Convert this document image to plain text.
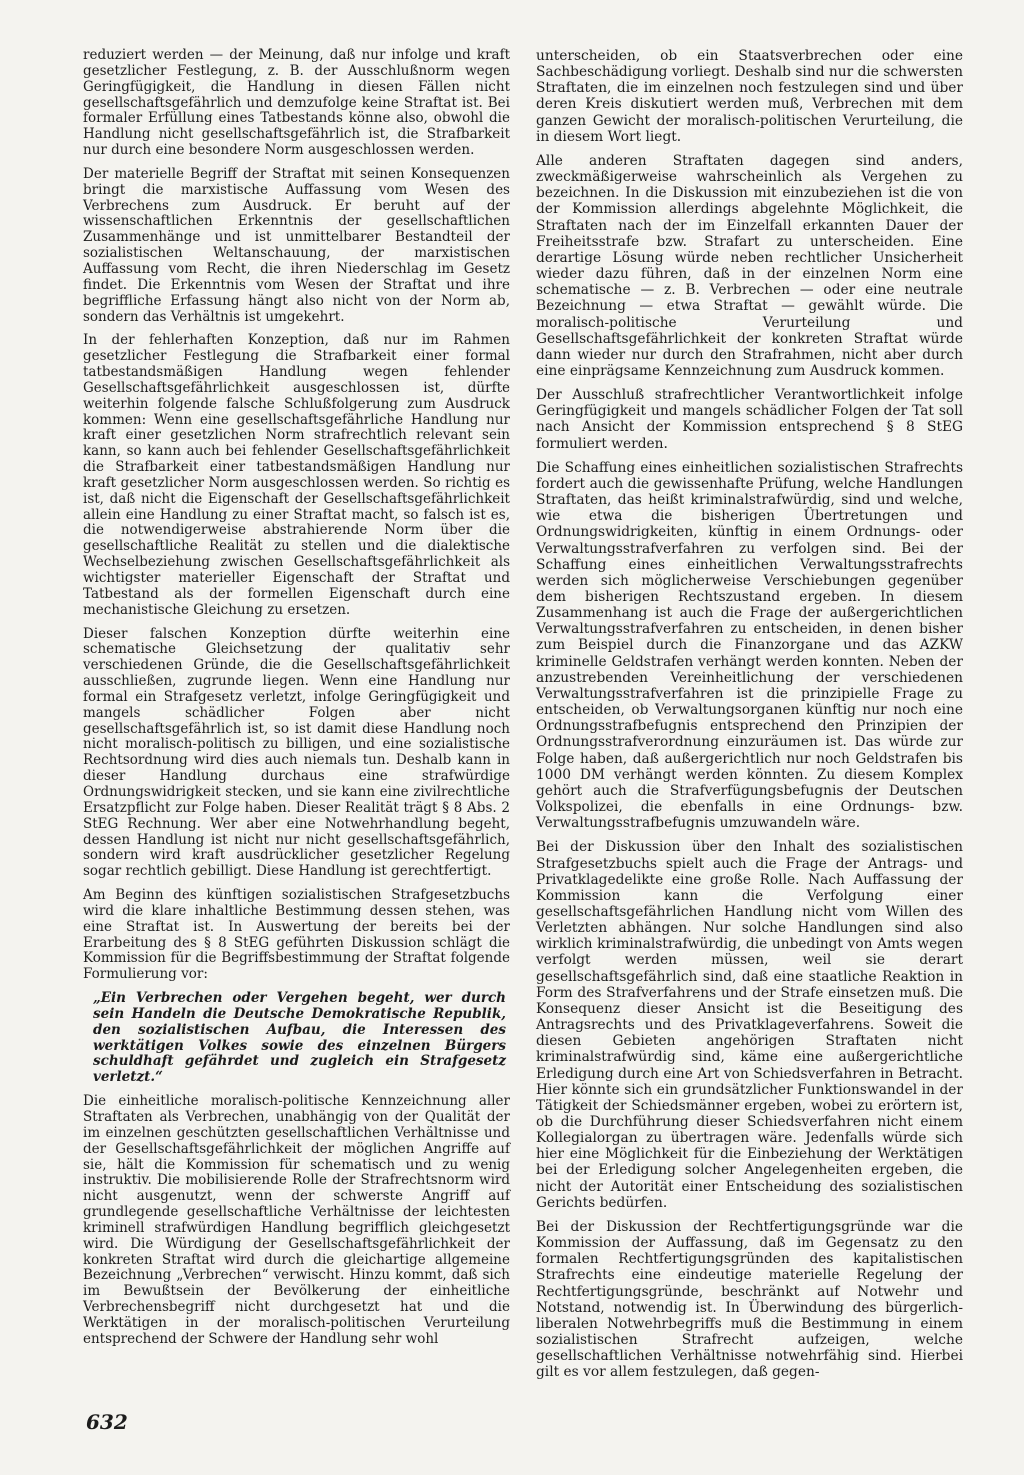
reduziert werden — der Meinung, daß nur infolge und kraft gesetzlicher Festlegung, z. B. der Ausschlußnorm wegen Geringfügigkeit, die Handlung in diesen Fällen nicht gesellschaftsgefährlich und demzufolge keine Straftat ist. Bei formaler Erfüllung eines Tatbestands könne also, obwohl die Handlung nicht gesellschaftsgefährlich ist, die Strafbarkeit nur durch eine besondere Norm ausgeschlossen werden.

Der materielle Begriff der Straftat mit seinen Konsequenzen bringt die marxistische Auffassung vom Wesen des Verbrechens zum Ausdruck. Er beruht auf der wissenschaftlichen Erkenntnis der gesellschaftlichen Zusammenhänge und ist unmittelbarer Bestandteil der sozialistischen Weltanschauung, der marxistischen Auffassung vom Recht, die ihren Niederschlag im Gesetz findet. Die Erkenntnis vom Wesen der Straftat und ihre begriffliche Erfassung hängt also nicht von der Norm ab, sondern das Verhältnis ist umgekehrt.

In der fehlerhaften Konzeption, daß nur im Rahmen gesetzlicher Festlegung die Strafbarkeit einer formal tatbestandsmäßigen Handlung wegen fehlender Gesellschaftsgefährlichkeit ausgeschlossen ist, dürfte weiterhin folgende falsche Schlußfolgerung zum Ausdruck kommen: Wenn eine gesellschaftsgefährliche Handlung nur kraft einer gesetzlichen Norm strafrechtlich relevant sein kann, so kann auch bei fehlender Gesellschaftsgefährlichkeit die Strafbarkeit einer tatbestandsmäßigen Handlung nur kraft gesetzlicher Norm ausgeschlossen werden. So richtig es ist, daß nicht die Eigenschaft der Gesellschaftsgefährlichkeit allein eine Handlung zu einer Straftat macht, so falsch ist es, die notwendigerweise abstrahierende Norm über die gesellschaftliche Realität zu stellen und die dialektische Wechselbeziehung zwischen Gesellschaftsgefährlichkeit als wichtigster materieller Eigenschaft der Straftat und Tatbestand als der formellen Eigenschaft durch eine mechanistische Gleichung zu ersetzen.

Dieser falschen Konzeption dürfte weiterhin eine schematische Gleichsetzung der qualitativ sehr verschiedenen Gründe, die die Gesellschaftsgefährlichkeit ausschließen, zugrunde liegen. Wenn eine Handlung nur formal ein Strafgesetz verletzt, infolge Geringfügigkeit und mangels schädlicher Folgen aber nicht gesellschaftsgefährlich ist, so ist damit diese Handlung noch nicht moralisch-politisch zu billigen, und eine sozialistische Rechtsordnung wird dies auch niemals tun. Deshalb kann in dieser Handlung durchaus eine strafwürdige Ordnungswidrigkeit stecken, und sie kann eine zivilrechtliche Ersatzpflicht zur Folge haben. Dieser Realität trägt § 8 Abs. 2 StEG Rechnung. Wer aber eine Notwehrhandlung begeht, dessen Handlung ist nicht nur nicht gesellschaftsgefährlich, sondern wird kraft ausdrücklicher gesetzlicher Regelung sogar rechtlich gebilligt. Diese Handlung ist gerechtfertigt.

Am Beginn des künftigen sozialistischen Strafgesetzbuchs wird die klare inhaltliche Bestimmung dessen stehen, was eine Straftat ist. In Auswertung der bereits bei der Erarbeitung des § 8 StEG geführten Diskussion schlägt die Kommission für die Begriffsbestimmung der Straftat folgende Formulierung vor:

„Ein Verbrechen oder Vergehen begeht, wer durch sein Handeln die Deutsche Demokratische Republik, den sozialistischen Aufbau, die Interessen des werktätigen Volkes sowie des einzelnen Bürgers schuldhaft gefährdet und zugleich ein Strafgesetz verletzt.“

Die einheitliche moralisch-politische Kennzeichnung aller Straftaten als Verbrechen, unabhängig von der Qualität der im einzelnen geschützten gesellschaftlichen Verhältnisse und der Gesellschaftsgefährlichkeit der möglichen Angriffe auf sie, hält die Kommission für schematisch und zu wenig instruktiv. Die mobilisierende Rolle der Strafrechtsnorm wird nicht ausgenutzt, wenn der schwerste Angriff auf grundlegende gesellschaftliche Verhältnisse der leichtesten kriminell strafwürdigen Handlung begrifflich gleichgesetzt wird. Die Würdigung der Gesellschaftsgefährlichkeit der konkreten Straftat wird durch die gleichartige allgemeine Bezeichnung „Verbrechen“ verwischt. Hinzu kommt, daß sich im Bewußtsein der Bevölkerung der einheitliche Verbrechensbegriff nicht durchgesetzt hat und die Werktätigen in der moralisch-politischen Verurteilung entsprechend der Schwere der Handlung sehr wohl

unterscheiden, ob ein Staatsverbrechen oder eine Sachbeschädigung vorliegt. Deshalb sind nur die schwersten Straftaten, die im einzelnen noch festzulegen sind und über deren Kreis diskutiert werden muß, Verbrechen mit dem ganzen Gewicht der moralisch-politischen Verurteilung, die in diesem Wort liegt.

Alle anderen Straftaten dagegen sind anders, zweckmäßigerweise wahrscheinlich als Vergehen zu bezeichnen. In die Diskussion mit einzubeziehen ist die von der Kommission allerdings abgelehnte Möglichkeit, die Straftaten nach der im Einzelfall erkannten Dauer der Freiheitsstrafe bzw. Strafart zu unterscheiden. Eine derartige Lösung würde neben rechtlicher Unsicherheit wieder dazu führen, daß in der einzelnen Norm eine schematische — z. B. Verbrechen — oder eine neutrale Bezeichnung — etwa Straftat — gewählt würde. Die moralisch-politische Verurteilung und Gesellschaftsgefährlichkeit der konkreten Straftat würde dann wieder nur durch den Strafrahmen, nicht aber durch eine einprägsame Kennzeichnung zum Ausdruck kommen.

Der Ausschluß strafrechtlicher Verantwortlichkeit infolge Geringfügigkeit und mangels schädlicher Folgen der Tat soll nach Ansicht der Kommission entsprechend § 8 StEG formuliert werden.

Die Schaffung eines einheitlichen sozialistischen Strafrechts fordert auch die gewissenhafte Prüfung, welche Handlungen Straftaten, das heißt kriminalstrafwürdig, sind und welche, wie etwa die bisherigen Übertretungen und Ordnungswidrigkeiten, künftig in einem Ordnungs- oder Verwaltungsstrafverfahren zu verfolgen sind. Bei der Schaffung eines einheitlichen Verwaltungsstrafrechts werden sich möglicherweise Verschiebungen gegenüber dem bisherigen Rechtszustand ergeben. In diesem Zusammenhang ist auch die Frage der außergerichtlichen Verwaltungsstrafverfahren zu entscheiden, in denen bisher zum Beispiel durch die Finanzorgane und das AZKW kriminelle Geldstrafen verhängt werden konnten. Neben der anzustrebenden Vereinheitlichung der verschiedenen Verwaltungsstrafverfahren ist die prinzipielle Frage zu entscheiden, ob Verwaltungsorganen künftig nur noch eine Ordnungsstrafbefugnis entsprechend den Prinzipien der Ordnungsstrafverordnung einzuräumen ist. Das würde zur Folge haben, daß außergerichtlich nur noch Geldstrafen bis 1000 DM verhängt werden könnten. Zu diesem Komplex gehört auch die Strafverfügungsbefugnis der Deutschen Volkspolizei, die ebenfalls in eine Ordnungs- bzw. Verwaltungsstrafbefugnis umzuwandeln wäre.

Bei der Diskussion über den Inhalt des sozialistischen Strafgesetzbuchs spielt auch die Frage der Antrags- und Privatklagedelikte eine große Rolle. Nach Auffassung der Kommission kann die Verfolgung einer gesellschaftsgefährlichen Handlung nicht vom Willen des Verletzten abhängen. Nur solche Handlungen sind also wirklich kriminalstrafwürdig, die unbedingt von Amts wegen verfolgt werden müssen, weil sie derart gesellschaftsgefährlich sind, daß eine staatliche Reaktion in Form des Strafverfahrens und der Strafe einsetzen muß. Die Konsequenz dieser Ansicht ist die Beseitigung des Antragsrechts und des Privatklageverfahrens. Soweit die diesen Gebieten angehörigen Straftaten nicht kriminalstrafwürdig sind, käme eine außergerichtliche Erledigung durch eine Art von Schiedsverfahren in Betracht. Hier könnte sich ein grundsätzlicher Funktionswandel in der Tätigkeit der Schiedsmänner ergeben, wobei zu erörtern ist, ob die Durchführung dieser Schiedsverfahren nicht einem Kollegialorgan zu übertragen wäre. Jedenfalls würde sich hier eine Möglichkeit für die Einbeziehung der Werktätigen bei der Erledigung solcher Angelegenheiten ergeben, die nicht der Autorität einer Entscheidung des sozialistischen Gerichts bedürfen.

Bei der Diskussion der Rechtfertigungsgründe war die Kommission der Auffassung, daß im Gegensatz zu den formalen Rechtfertigungsgründen des kapitalistischen Strafrechts eine eindeutige materielle Regelung der Rechtfertigungsgründe, beschränkt auf Notwehr und Notstand, notwendig ist. In Überwindung des bürgerlich-liberalen Notwehrbegriffs muß die Bestimmung in einem sozialistischen Strafrecht aufzeigen, welche gesellschaftlichen Verhältnisse notwehrfähig sind. Hierbei gilt es vor allem festzulegen, daß gegen-

632
